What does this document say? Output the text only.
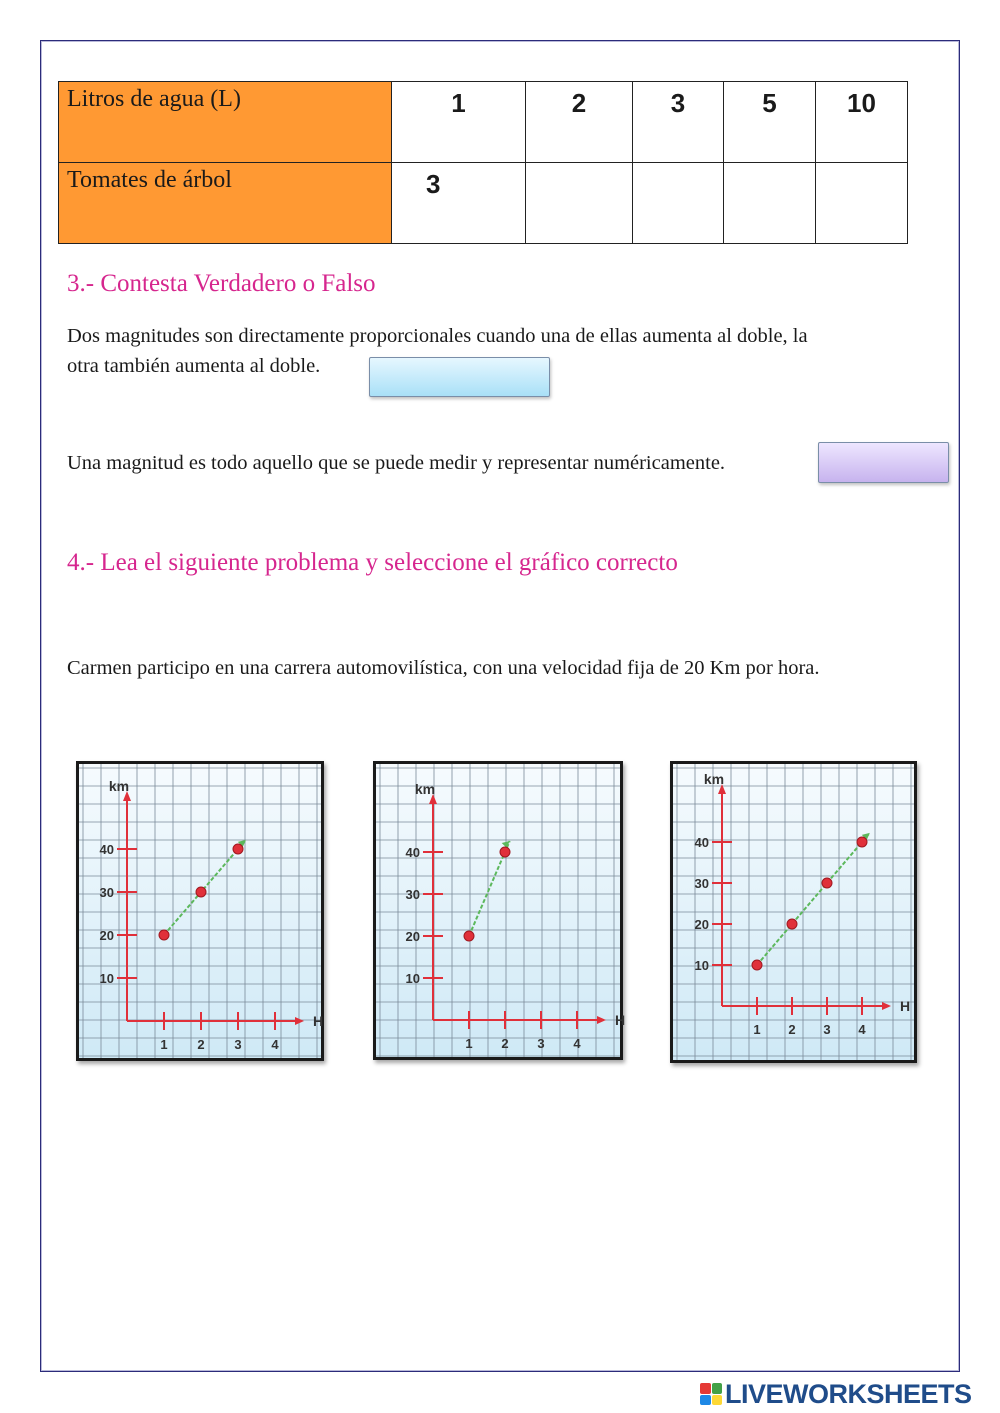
Litros de agua (L)	1	2	3	5	10
Tomates de árbol	3				
3.- Contesta Verdadero o Falso
Dos magnitudes son directamente proporcionales cuando una de ellas aumenta al doble, la
otra también aumenta al doble.
Una magnitud es todo aquello que se puede medir y representar numéricamente.
4.- Lea el siguiente problema y seleccione el gráfico correcto
Carmen participo en una carrera automovilística, con una velocidad fija de 20 Km por hora.
km
H
10
20
30
40
1 2 3 4
km
H
10
20
30
40
1 2 3 4
km
H
10
20
30
40
1 2 3 4
LIVEWORKSHEETS
